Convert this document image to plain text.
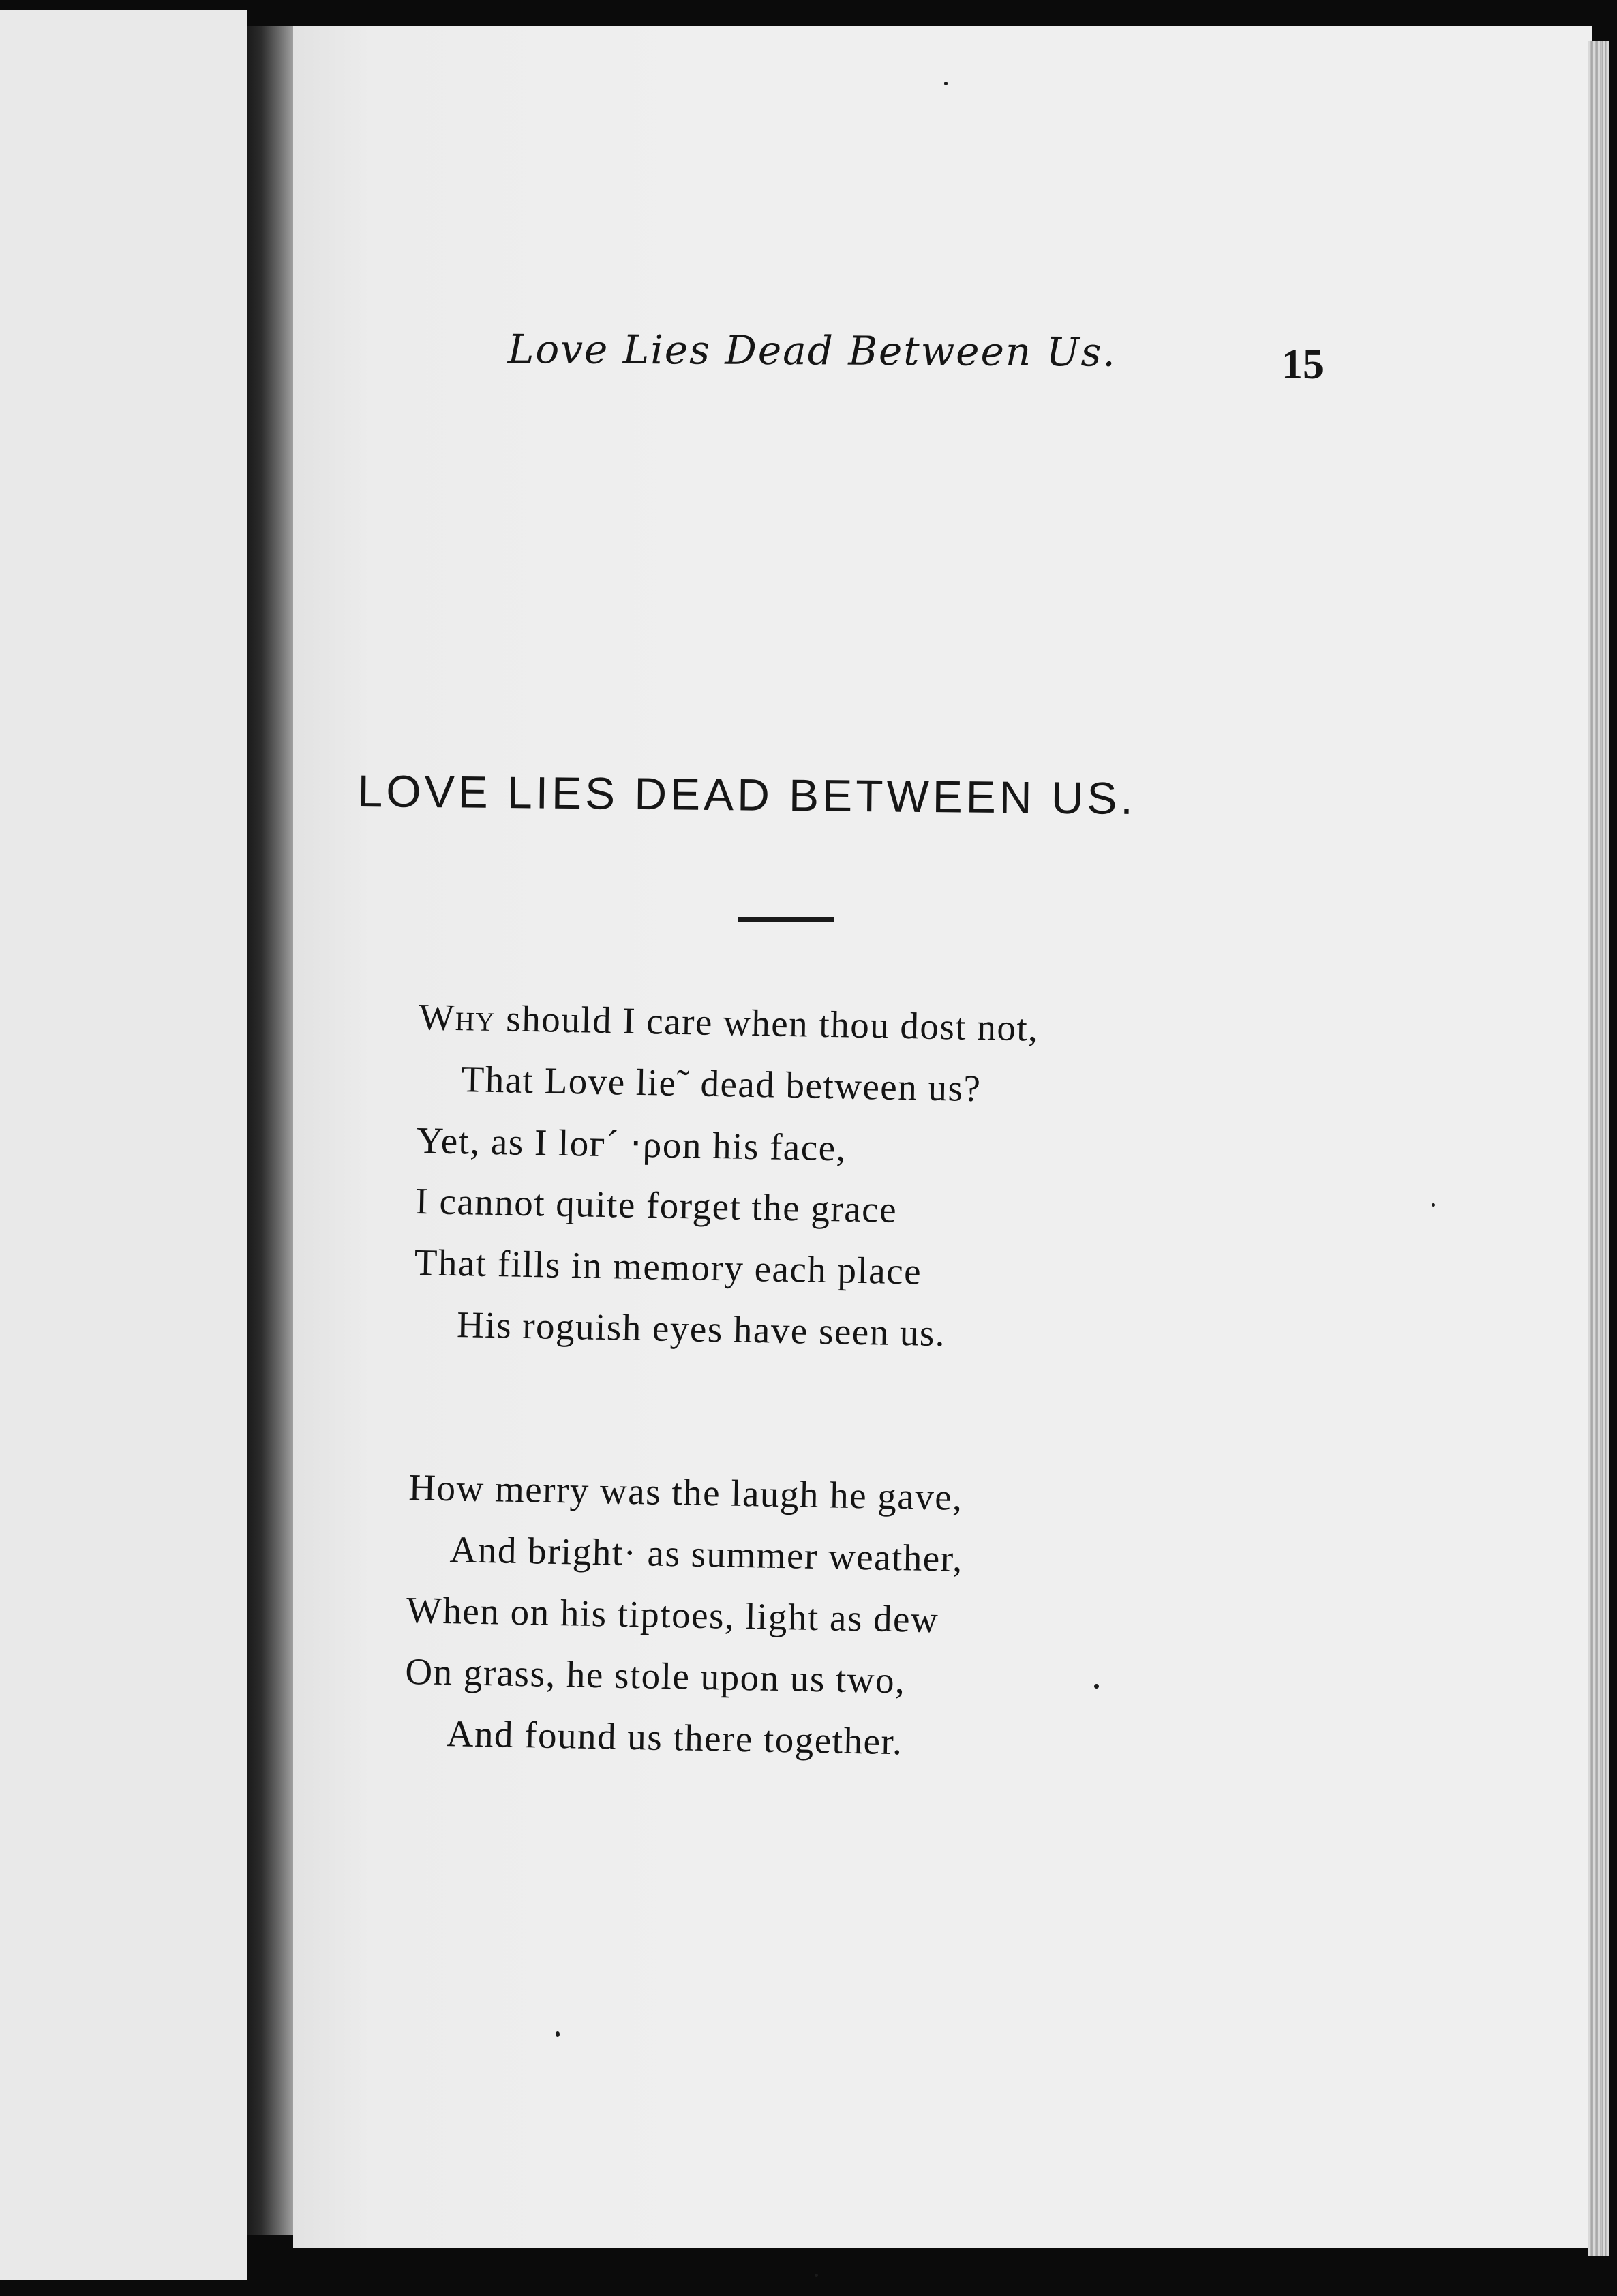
Love Lies Dead Between Us.	15
LOVE LIES DEAD BETWEEN US.
Why should I care when thou dost not,
That Love lie˜ dead between us?
Yet, as I loгˊ ‧ρon his face,
I cannot quite forget the grace
That fills in memory each place
His roguish eyes have seen us.
How merry was the laugh he gave,
And bright· as summer weather,
When on his tiptoes, light as dew
On grass, he stole upon us two,
And found us there together.
